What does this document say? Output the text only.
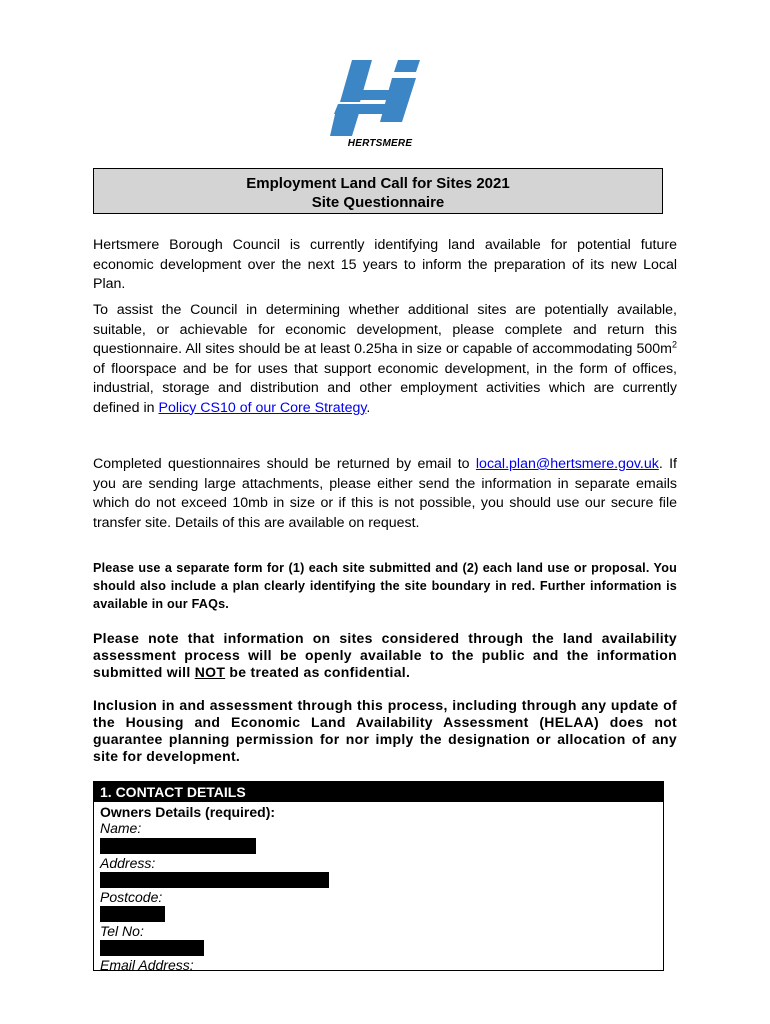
HERTSMERE
Employment Land Call for Sites 2021
Site Questionnaire

Hertsmere Borough Council is currently identifying land available for potential future economic development over the next 15 years to inform the preparation of its new Local Plan.

To assist the Council in determining whether additional sites are potentially available, suitable, or achievable for economic development, please complete and return this questionnaire. All sites should be at least 0.25ha in size or capable of accommodating $500m^2$ of floorspace and be for uses that support economic development, in the form of offices, industrial, storage and distribution and other employment activities which are currently defined in Policy CS10 of our Core Strategy.

Completed questionnaires should be returned by email to local.plan@hertsmere.gov.uk. If you are sending large attachments, please either send the information in separate emails which do not exceed 10mb in size or if this is not possible, you should use our secure file transfer site. Details of this are available on request.

Please use a separate form for (1) each site submitted and (2) each land use or proposal. You should also include a plan clearly identifying the site boundary in red. Further information is available in our FAQs.

Please note that information on sites considered through the land availability assessment process will be openly available to the public and the information submitted will NOT be treated as confidential.

Inclusion in and assessment through this process, including through any update of the Housing and Economic Land Availability Assessment (HELAA) does not guarantee planning permission for nor imply the designation or allocation of any site for development.

1. CONTACT DETAILS
Owners Details (required):
Name:
Address:
Postcode:
Tel No:
Email Address:
